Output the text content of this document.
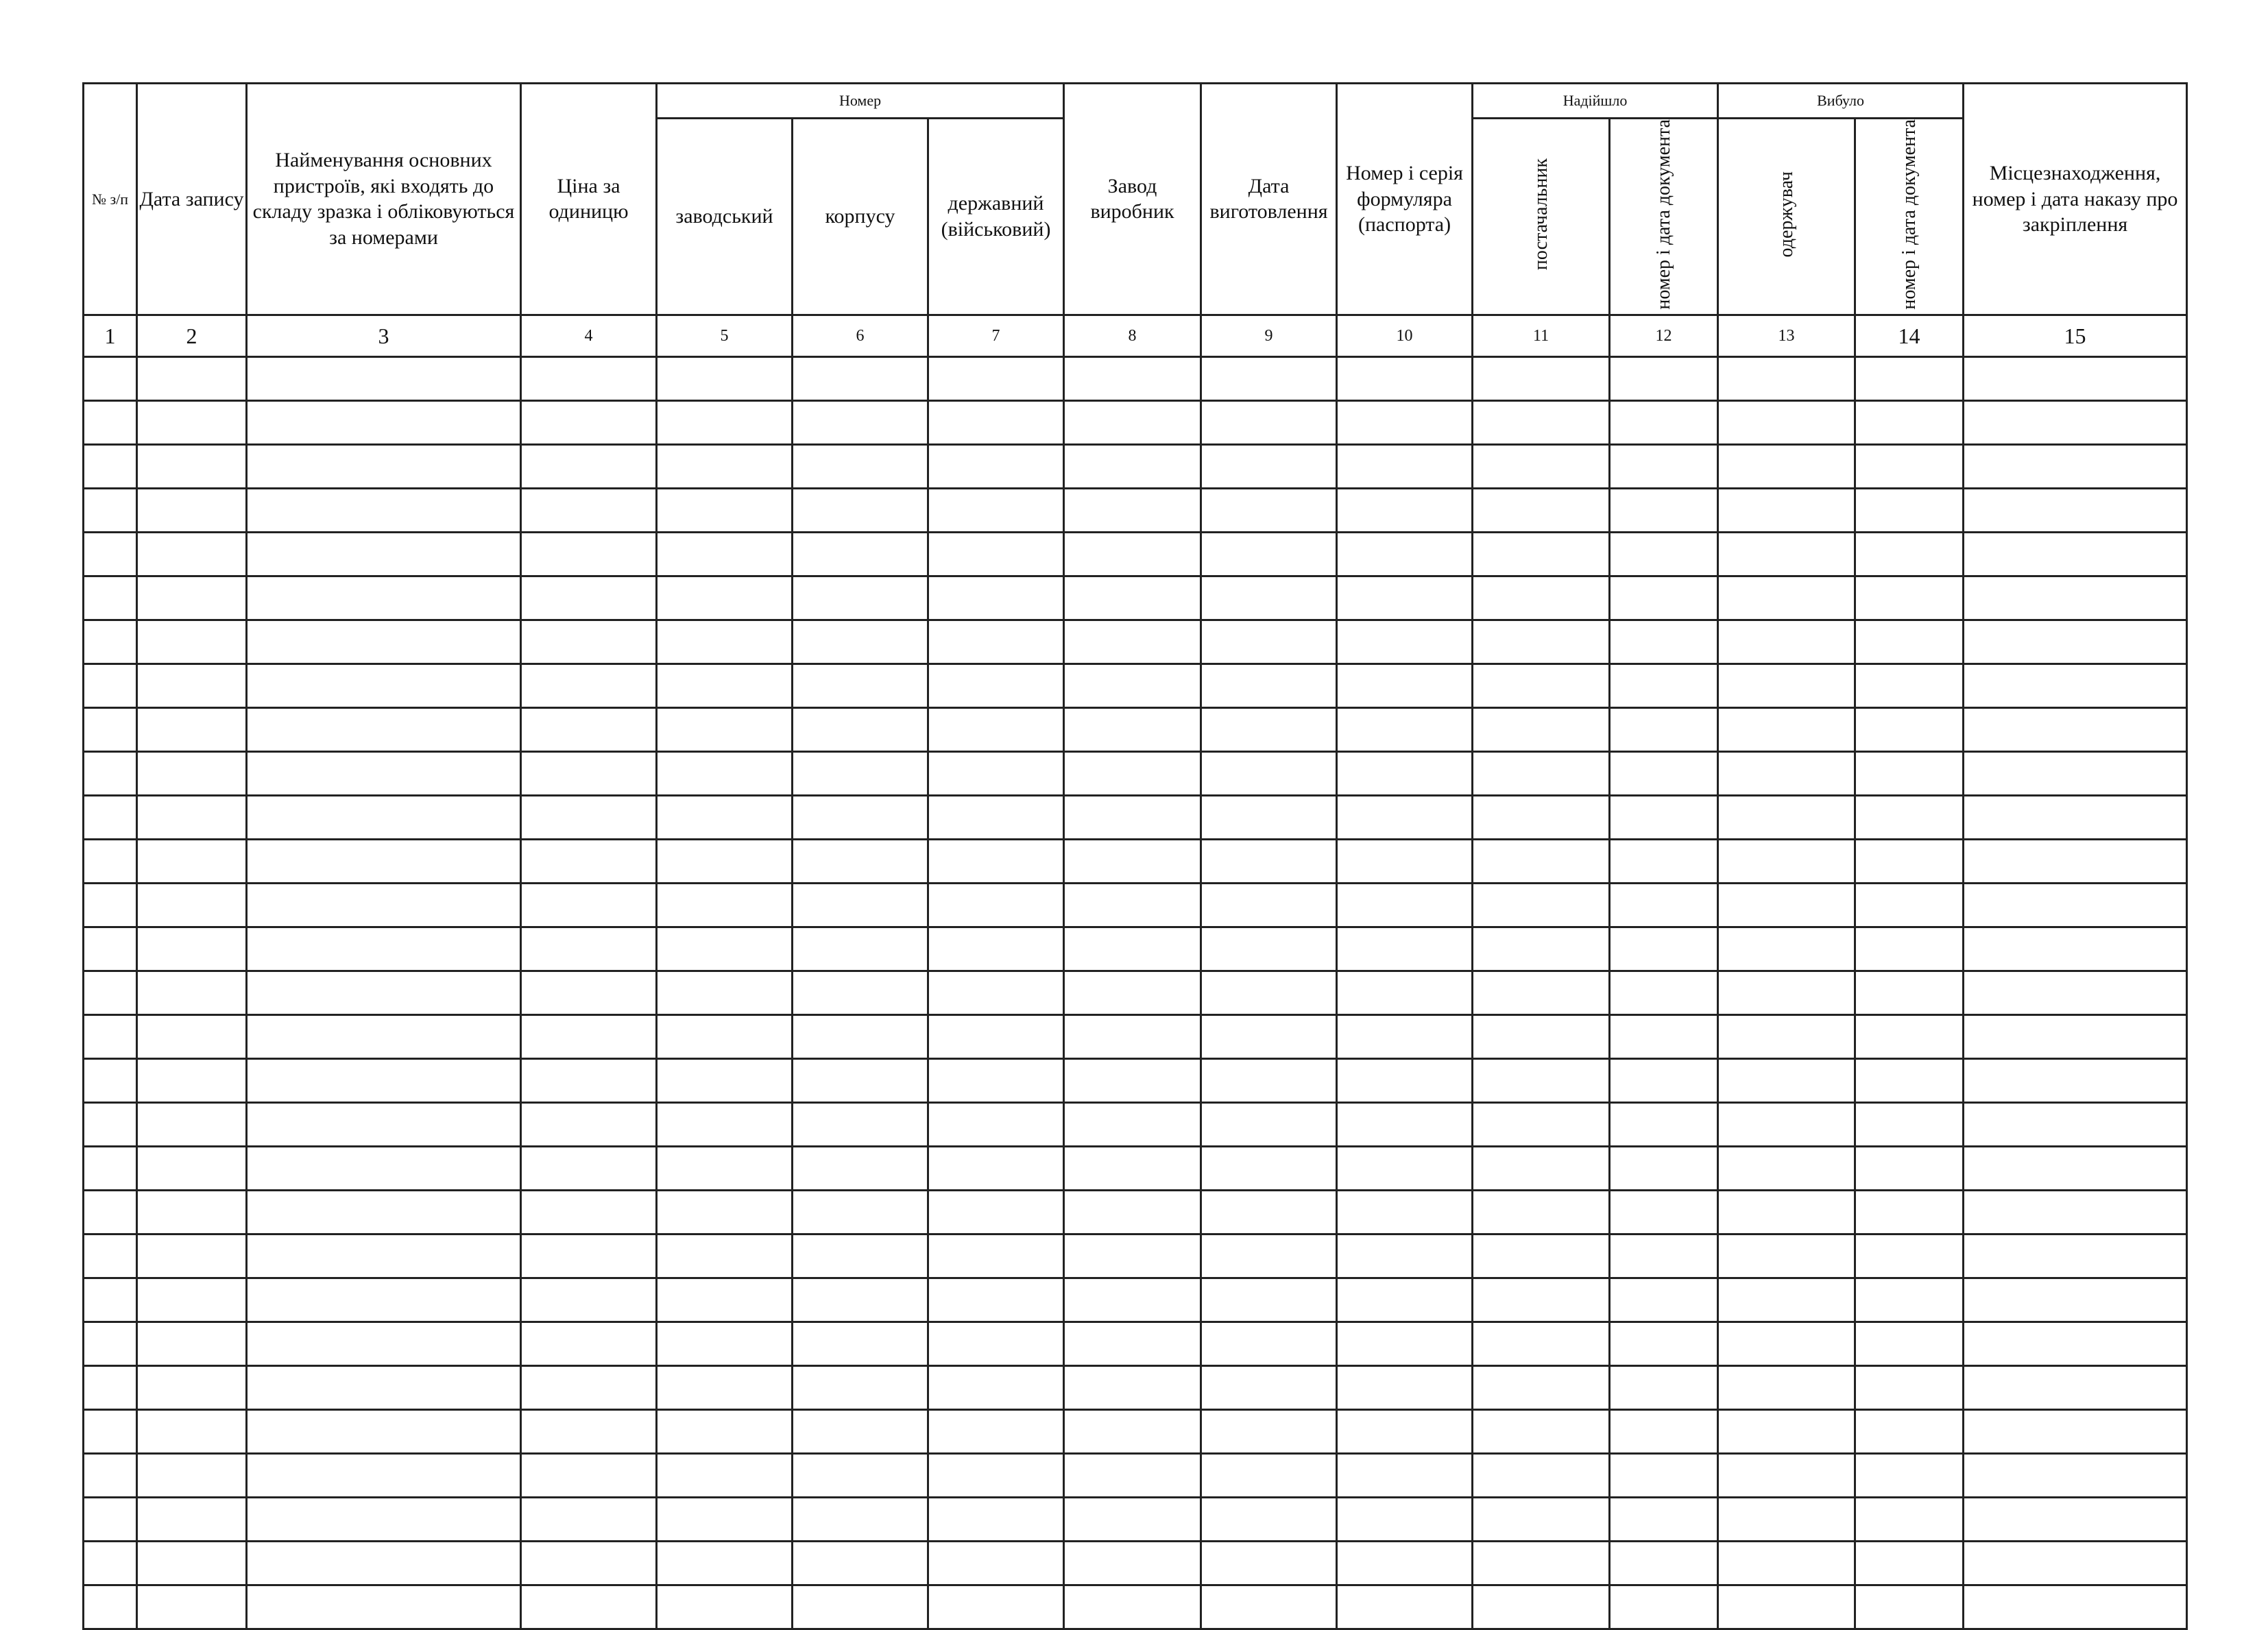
№ з/п	Дата запису	Найменування основних пристроїв, які входять до складу зразка і обліковуються за номерами	Ціна за одиницю	Номер			Завод виробник	Дата виготовлення	Номер і серія формуляра (паспорта)	Надійшло		Вибуло		Місцезнаходження, номер і дата наказу про закріплення
				заводський	корпусу	державний (військовий)				постачальник	номер і дата документа	одержувач	номер і дата документа	
1	2	3	4	5	6	7	8	9	10	11	12	13	14	15
